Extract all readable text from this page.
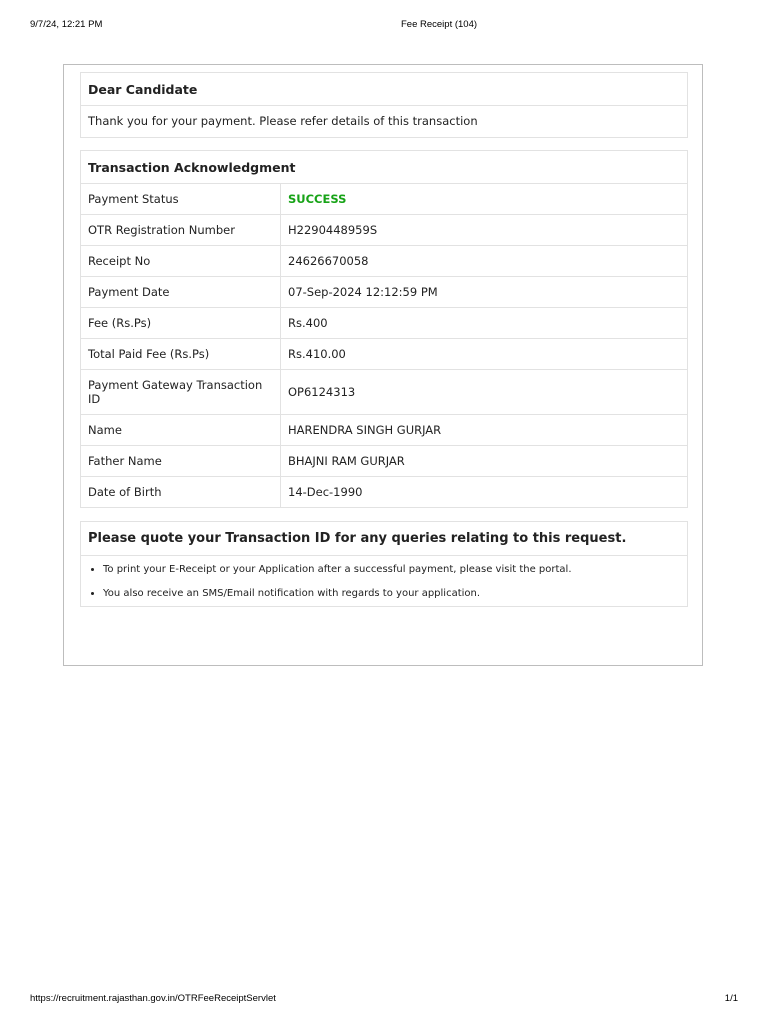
9/7/24, 12:21 PM	Fee Receipt (104)
Dear Candidate
Thank you for your payment. Please refer details of this transaction
Transaction Acknowledgment
Payment Status	SUCCESS
OTR Registration Number	H2290448959S
Receipt No	24626670058
Payment Date	07-Sep-2024 12:12:59 PM
Fee (Rs.Ps)	Rs.400
Total Paid Fee (Rs.Ps)	Rs.410.00
Payment Gateway Transaction ID	OP6124313
Name	HARENDRA SINGH GURJAR
Father Name	BHAJNI RAM GURJAR
Date of Birth	14-Dec-1990
Please quote your Transaction ID for any queries relating to this request.
• To print your E-Receipt or your Application after a successful payment, please visit the portal.
• You also receive an SMS/Email notification with regards to your application.
https://recruitment.rajasthan.gov.in/OTRFeeReceiptServlet	1/1
